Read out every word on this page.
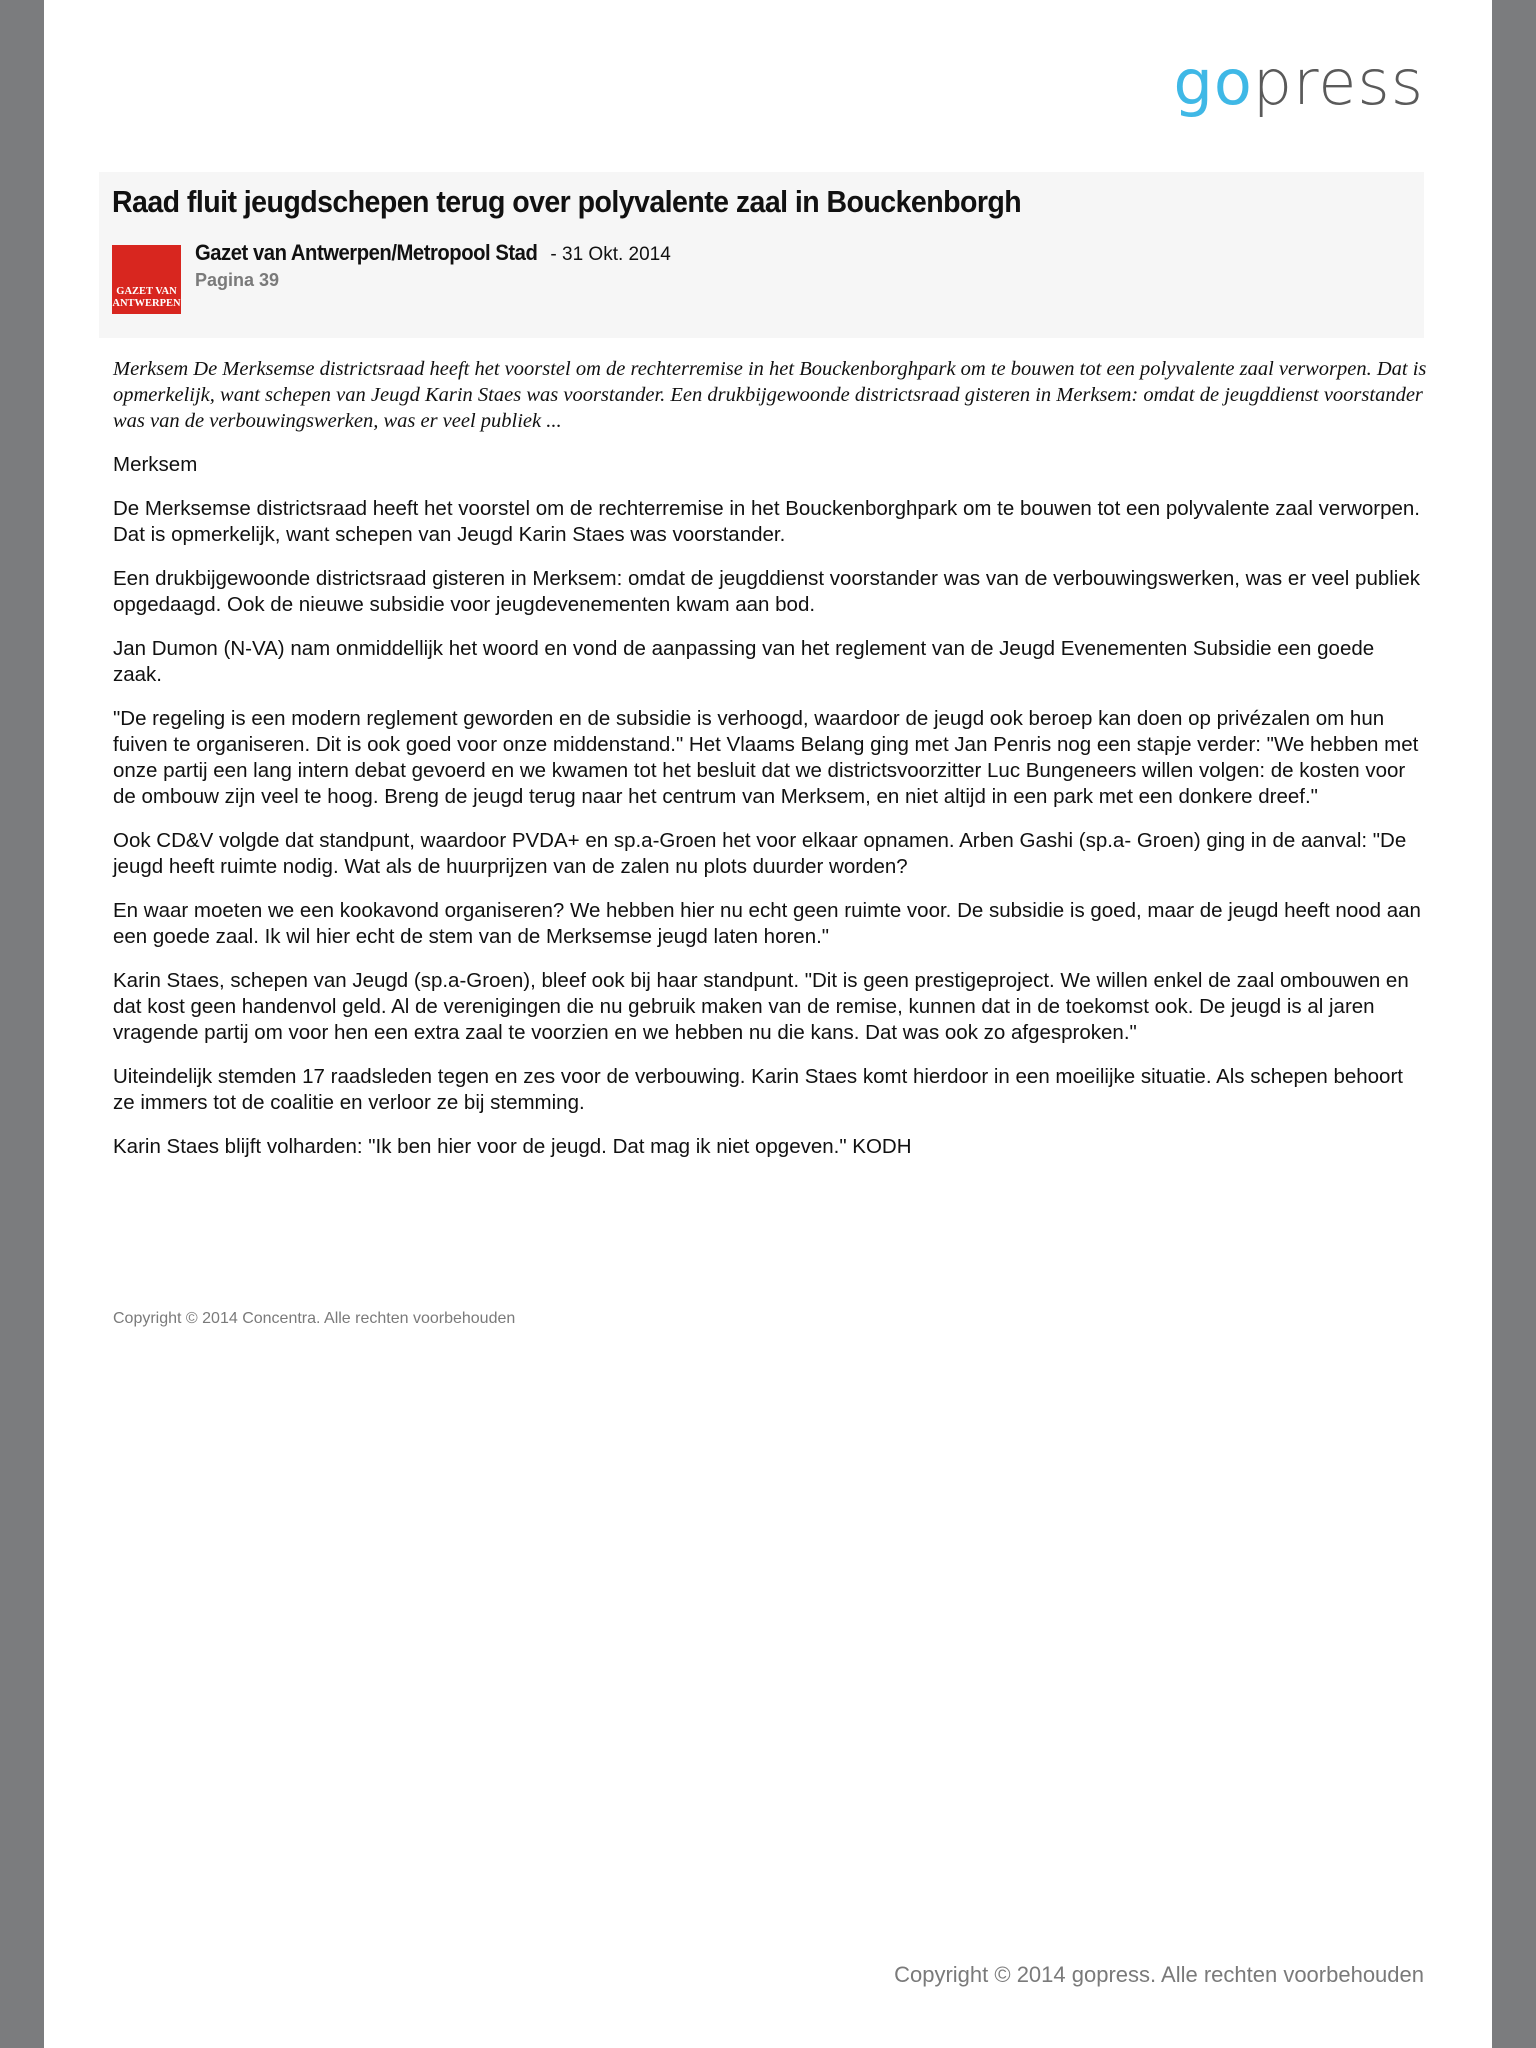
gopress
Raad fluit jeugdschepen terug over polyvalente zaal in Bouckenborgh
GAZET VAN
ANTWERPEN
Gazet van Antwerpen/Metropool Stad - 31 Okt. 2014
Pagina 39

Merksem De Merksemse districtsraad heeft het voorstel om de rechterremise in het Bouckenborghpark om te bouwen tot een polyvalente zaal verworpen. Dat is opmerkelijk, want schepen van Jeugd Karin Staes was voorstander. Een drukbijgewoonde districtsraad gisteren in Merksem: omdat de jeugddienst voorstander was van de verbouwingswerken, was er veel publiek ...

Merksem

De Merksemse districtsraad heeft het voorstel om de rechterremise in het Bouckenborghpark om te bouwen tot een polyvalente zaal verworpen. Dat is opmerkelijk, want schepen van Jeugd Karin Staes was voorstander.

Een drukbijgewoonde districtsraad gisteren in Merksem: omdat de jeugddienst voorstander was van de verbouwingswerken, was er veel publiek opgedaagd. Ook de nieuwe subsidie voor jeugdevenementen kwam aan bod.

Jan Dumon (N-VA) nam onmiddellijk het woord en vond de aanpassing van het reglement van de Jeugd Evenementen Subsidie een goede zaak.

"De regeling is een modern reglement geworden en de subsidie is verhoogd, waardoor de jeugd ook beroep kan doen op privézalen om hun fuiven te organiseren. Dit is ook goed voor onze middenstand." Het Vlaams Belang ging met Jan Penris nog een stapje verder: "We hebben met onze partij een lang intern debat gevoerd en we kwamen tot het besluit dat we districtsvoorzitter Luc Bungeneers willen volgen: de kosten voor de ombouw zijn veel te hoog. Breng de jeugd terug naar het centrum van Merksem, en niet altijd in een park met een donkere dreef."

Ook CD&V volgde dat standpunt, waardoor PVDA+ en sp.a-Groen het voor elkaar opnamen. Arben Gashi (sp.a- Groen) ging in de aanval: "De jeugd heeft ruimte nodig. Wat als de huurprijzen van de zalen nu plots duurder worden?

En waar moeten we een kookavond organiseren? We hebben hier nu echt geen ruimte voor. De subsidie is goed, maar de jeugd heeft nood aan een goede zaal. Ik wil hier echt de stem van de Merksemse jeugd laten horen."

Karin Staes, schepen van Jeugd (sp.a-Groen), bleef ook bij haar standpunt. "Dit is geen prestigeproject. We willen enkel de zaal ombouwen en dat kost geen handenvol geld. Al de verenigingen die nu gebruik maken van de remise, kunnen dat in de toekomst ook. De jeugd is al jaren vragende partij om voor hen een extra zaal te voorzien en we hebben nu die kans. Dat was ook zo afgesproken."

Uiteindelijk stemden 17 raadsleden tegen en zes voor de verbouwing. Karin Staes komt hierdoor in een moeilijke situatie. Als schepen behoort ze immers tot de coalitie en verloor ze bij stemming.

Karin Staes blijft volharden: "Ik ben hier voor de jeugd. Dat mag ik niet opgeven." KODH

Copyright © 2014 Concentra. Alle rechten voorbehouden
Copyright © 2014 gopress. Alle rechten voorbehouden
